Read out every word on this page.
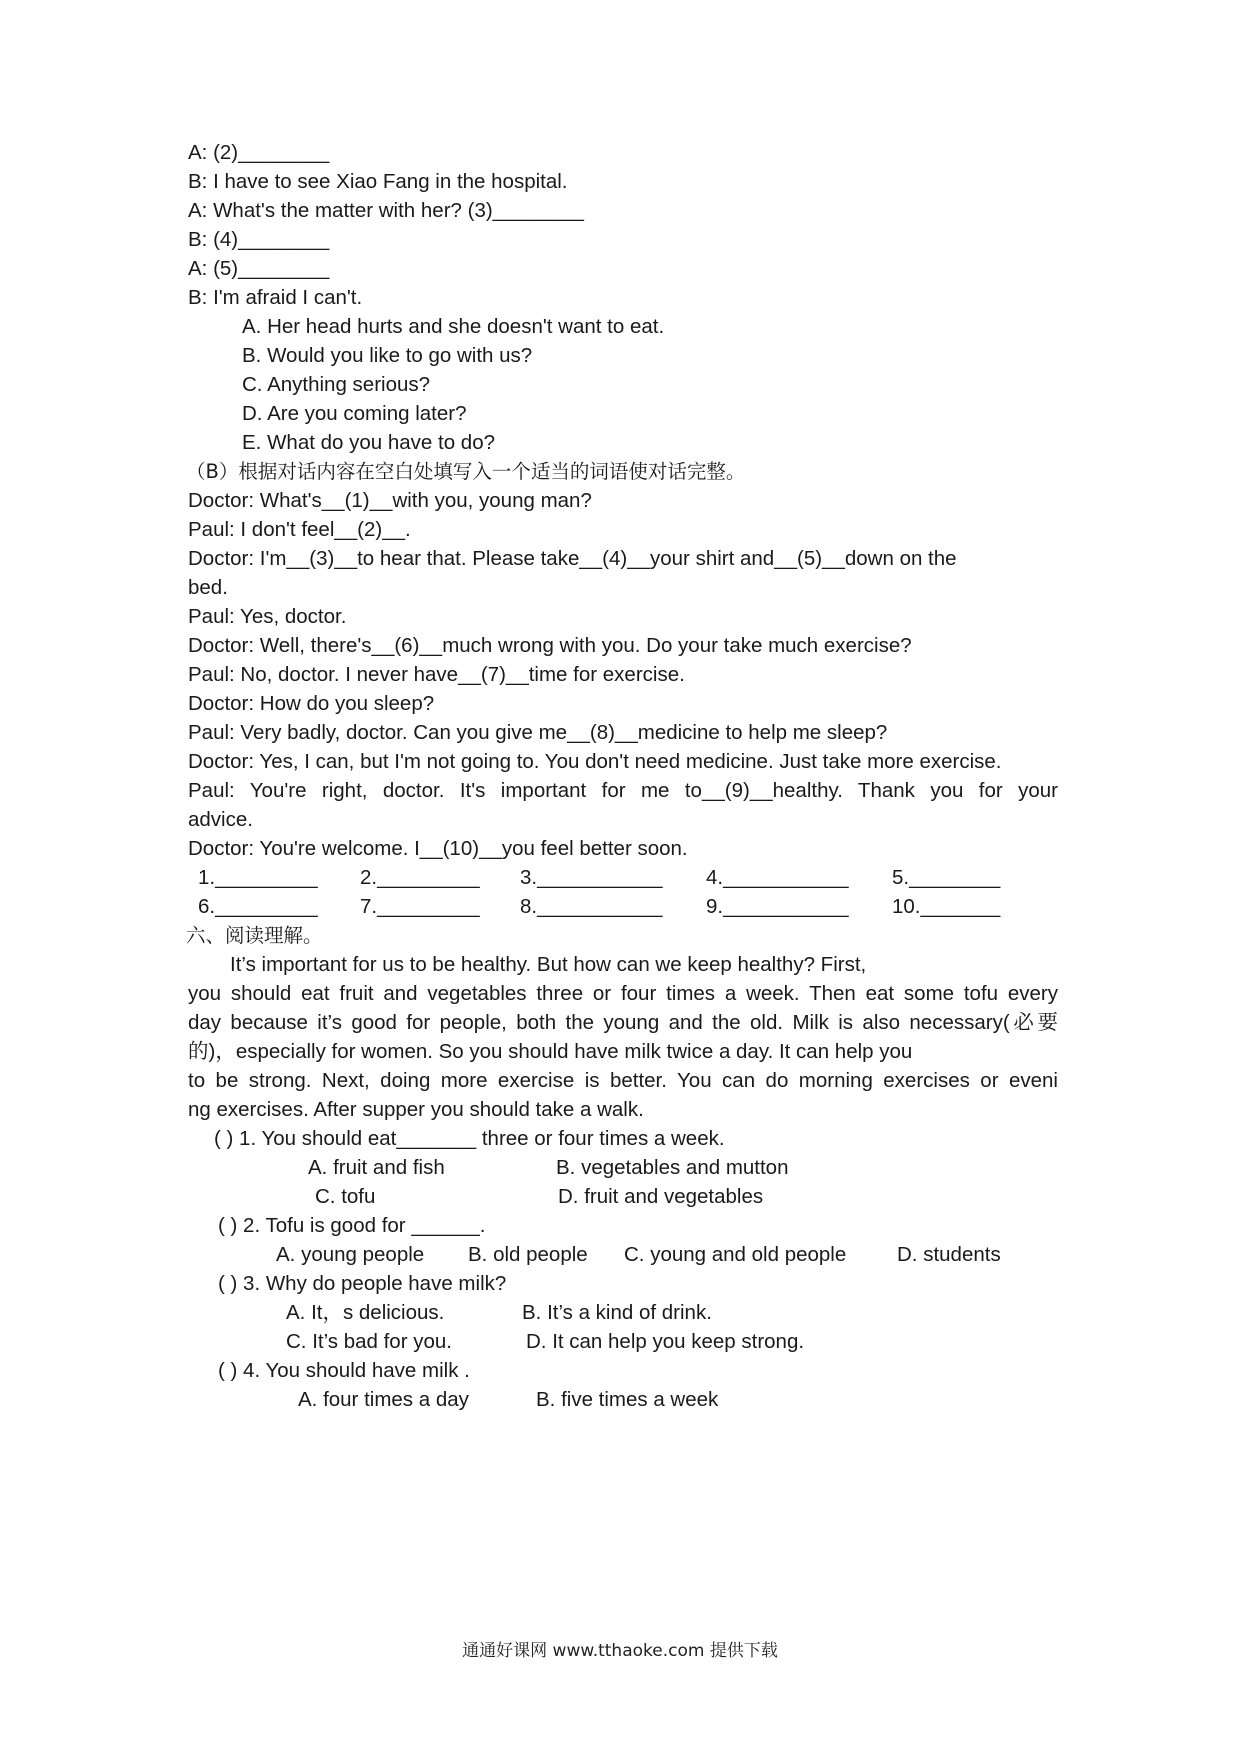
A: (2)________
B: I have to see Xiao Fang in the hospital.
A: What's the matter with her? (3)________
B: (4)________
A: (5)________
B: I'm afraid I can't.
A. Her head hurts and she doesn't want to eat.
B. Would you like to go with us?
C. Anything serious?
D. Are you coming later?
E. What do you have to do?
（B）根据对话内容在空白处填写入一个适当的词语使对话完整。
Doctor: What's__(1)__with you, young man?
Paul: I don't feel__(2)__.
Doctor: I'm__(3)__to hear that. Please take__(4)__your shirt and__(5)__down on the
bed.
Paul: Yes, doctor.
Doctor: Well, there's__(6)__much wrong with you. Do your take much exercise?
Paul: No, doctor. I never have__(7)__time for exercise.
Doctor: How do you sleep?
Paul: Very badly, doctor. Can you give me__(8)__medicine to help me sleep?
Doctor: Yes, I can, but I'm not going to. You don't need medicine. Just take more exercise.
Paul: You're right, doctor. It's important for me to__(9)__healthy. Thank you for your
advice.
Doctor: You're welcome. I__(10)__you feel better soon.
1._________ 2._________ 3.___________ 4.___________ 5.________
6._________ 7._________ 8.___________ 9.___________ 10._______
六、阅读理解。
It’s important for us to be healthy. But how can we keep healthy? First,
you should eat fruit and vegetables three or four times a week. Then eat some tofu every
day because it’s good for people, both the young and the old. Milk is also necessary(必要
的)，especially for women. So you should have milk twice a day. It can help you
to be strong. Next, doing more exercise is better. You can do morning exercises or eveni
ng exercises. After supper you should take a walk.
( ) 1. You should eat_______ three or four times a week.
A. fruit and fish	B. vegetables and mutton
C. tofu	D. fruit and vegetables
( ) 2. Tofu is good for ______.
A. young people B. old people C. young and old people D. students
( ) 3. Why do people have milk?
A. It，s delicious.	B. It’s a kind of drink.
C. It’s bad for you.	D. It can help you keep strong.
( ) 4. You should have milk .
A. four times a day	B. five times a week
通通好课网 www.tthaoke.com 提供下载
